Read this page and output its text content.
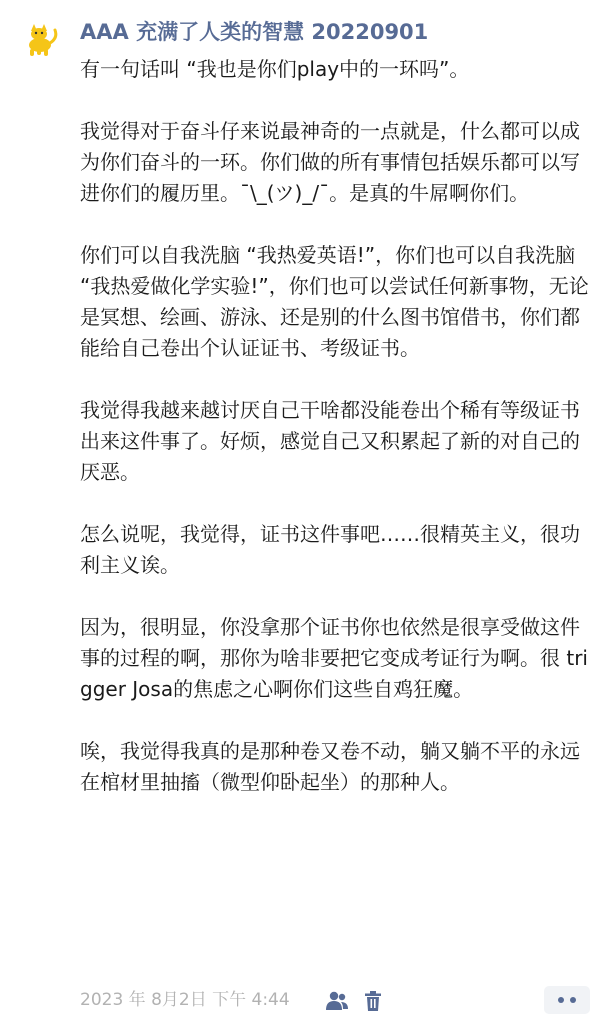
AAA 充满了人类的智慧 20220901

有一句话叫 “我也是你们play中的一环吗”。

我觉得对于奋斗仔来说最神奇的一点就是，什么都可以成为你们奋斗的一环。你们做的所有事情包括娱乐都可以写进你们的履历里。¯\_(ツ)_/¯。是真的牛屌啊你们。

你们可以自我洗脑 “我热爱英语!”，你们也可以自我洗脑 “我热爱做化学实验!”，你们也可以尝试任何新事物，无论是冥想、绘画、游泳、还是别的什么图书馆借书，你们都能给自己卷出个认证证书、考级证书。

我觉得我越来越讨厌自己干啥都没能卷出个稀有等级证书出来这件事了。好烦，感觉自己又积累起了新的对自己的厌恶。

怎么说呢，我觉得，证书这件事吧……很精英主义，很功利主义诶。

因为，很明显，你没拿那个证书你也依然是很享受做这件事的过程的啊，那你为啥非要把它变成考证行为啊。很 trigger Josa的焦虑之心啊你们这些自鸡狂魔。

唉，我觉得我真的是那种卷又卷不动，躺又躺不平的永远在棺材里抽搐（微型仰卧起坐）的那种人。

2023 年 8月2日 下午 4:44
